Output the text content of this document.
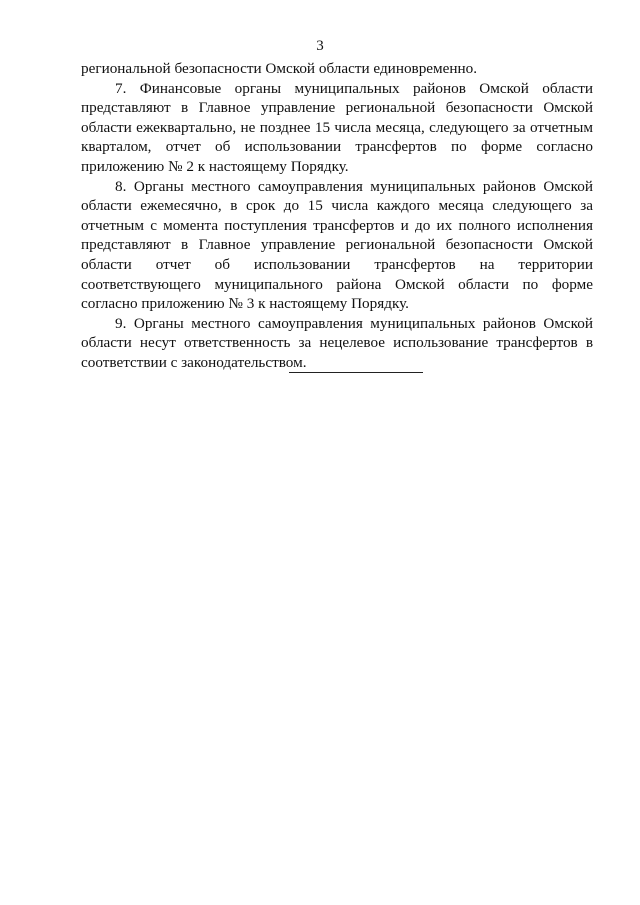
3

региональной безопасности Омской области единовременно.

7. Финансовые органы муниципальных районов Омской области представляют в Главное управление региональной безопасности Омской области ежеквартально, не позднее 15 числа месяца, следующего за отчетным кварталом, отчет об использовании трансфертов по форме согласно приложению № 2 к настоящему Порядку.

8. Органы местного самоуправления муниципальных районов Омской области ежемесячно, в срок до 15 числа каждого месяца следующего за отчетным с момента поступления трансфертов и до их полного исполнения представляют в Главное управление региональной безопасности Омской области отчет об использовании трансфертов на территории соответствующего муниципального района Омской области по форме согласно приложению № 3 к настоящему Порядку.

9. Органы местного самоуправления муниципальных районов Омской области несут ответственность за нецелевое использование трансфертов в соответствии с законодательством.
